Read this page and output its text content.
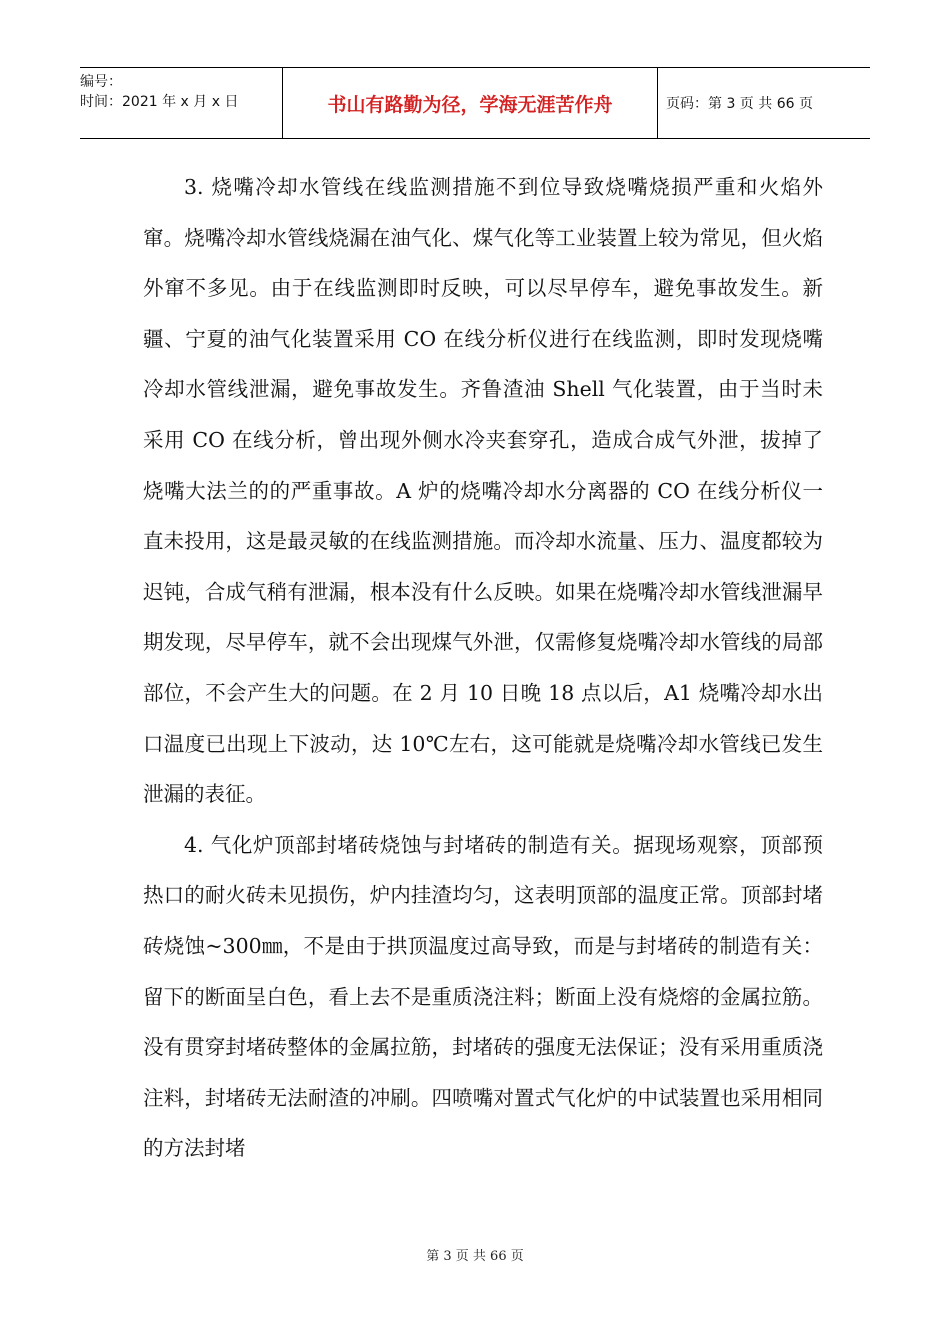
编号：
时间：2021 年 x 月 x 日	书山有路勤为径，学海无涯苦作舟	页码：第 3 页 共 66 页

3. 烧嘴冷却水管线在线监测措施不到位导致烧嘴烧损严重和火焰外窜。烧嘴冷却水管线烧漏在油气化、煤气化等工业装置上较为常见，但火焰外窜不多见。由于在线监测即时反映，可以尽早停车，避免事故发生。新疆、宁夏的油气化装置采用 CO 在线分析仪进行在线监测，即时发现烧嘴冷却水管线泄漏，避免事故发生。齐鲁渣油 Shell 气化装置，由于当时未采用 CO 在线分析，曾出现外侧水冷夹套穿孔，造成合成气外泄，拔掉了烧嘴大法兰的的严重事故。A 炉的烧嘴冷却水分离器的 CO 在线分析仪一直未投用，这是最灵敏的在线监测措施。而冷却水流量、压力、温度都较为迟钝，合成气稍有泄漏，根本没有什么反映。如果在烧嘴冷却水管线泄漏早期发现，尽早停车，就不会出现煤气外泄，仅需修复烧嘴冷却水管线的局部部位，不会产生大的问题。在 2 月 10 日晚 18 点以后，A1 烧嘴冷却水出口温度已出现上下波动，达 10℃左右，这可能就是烧嘴冷却水管线已发生泄漏的表征。

4. 气化炉顶部封堵砖烧蚀与封堵砖的制造有关。据现场观察，顶部预热口的耐火砖未见损伤，炉内挂渣均匀，这表明顶部的温度正常。顶部封堵砖烧蚀~300㎜，不是由于拱顶温度过高导致，而是与封堵砖的制造有关：留下的断面呈白色，看上去不是重质浇注料；断面上没有烧熔的金属拉筋。没有贯穿封堵砖整体的金属拉筋，封堵砖的强度无法保证；没有采用重质浇注料，封堵砖无法耐渣的冲刷。四喷嘴对置式气化炉的中试装置也采用相同的方法封堵

第 3 页 共 66 页
